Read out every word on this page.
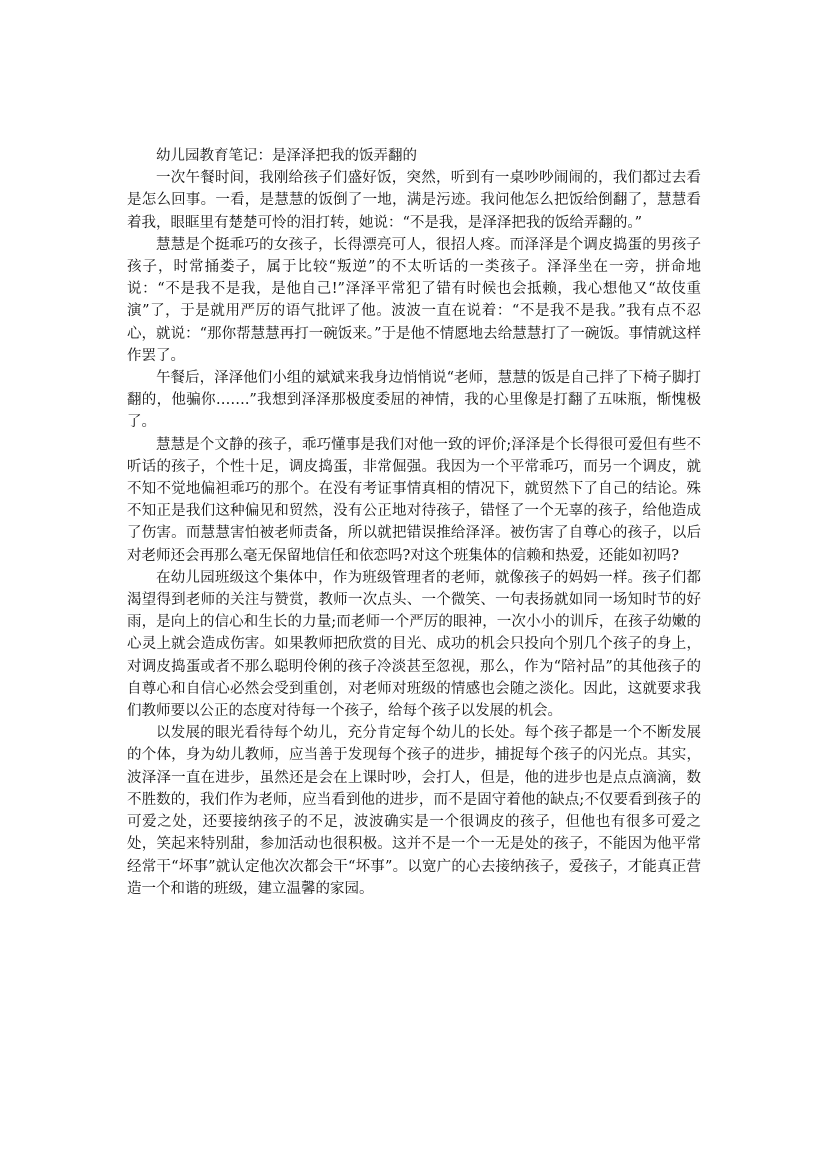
幼儿园教育笔记：是泽泽把我的饭弄翻的

一次午餐时间，我刚给孩子们盛好饭，突然，听到有一桌吵吵闹闹的，我们都过去看是怎么回事。一看，是慧慧的饭倒了一地，满是污迹。我问他怎么把饭给倒翻了，慧慧看着我，眼眶里有楚楚可怜的泪打转，她说：“不是我，是泽泽把我的饭给弄翻的。”

慧慧是个挺乖巧的女孩子，长得漂亮可人，很招人疼。而泽泽是个调皮捣蛋的男孩子孩子，时常捅娄子，属于比较“叛逆”的不太听话的一类孩子。泽泽坐在一旁，拼命地说：“不是我不是我，是他自己!”泽泽平常犯了错有时候也会抵赖，我心想他又“故伎重演”了，于是就用严厉的语气批评了他。波波一直在说着：“不是我不是我。”我有点不忍心，就说：“那你帮慧慧再打一碗饭来。”于是他不情愿地去给慧慧打了一碗饭。事情就这样作罢了。

午餐后，泽泽他们小组的斌斌来我身边悄悄说“老师，慧慧的饭是自己拌了下椅子脚打翻的，他骗你…….”我想到泽泽那极度委屈的神情，我的心里像是打翻了五味瓶，惭愧极了。

慧慧是个文静的孩子，乖巧懂事是我们对他一致的评价;泽泽是个长得很可爱但有些不听话的孩子，个性十足，调皮捣蛋，非常倔强。我因为一个平常乖巧，而另一个调皮，就不知不觉地偏袒乖巧的那个。在没有考证事情真相的情况下，就贸然下了自己的结论。殊不知正是我们这种偏见和贸然，没有公正地对待孩子，错怪了一个无辜的孩子，给他造成了伤害。而慧慧害怕被老师责备，所以就把错误推给泽泽。被伤害了自尊心的孩子，以后对老师还会再那么毫无保留地信任和依恋吗?对这个班集体的信赖和热爱，还能如初吗?

在幼儿园班级这个集体中，作为班级管理者的老师，就像孩子的妈妈一样。孩子们都渴望得到老师的关注与赞赏，教师一次点头、一个微笑、一句表扬就如同一场知时节的好雨，是向上的信心和生长的力量;而老师一个严厉的眼神，一次小小的训斥，在孩子幼嫩的心灵上就会造成伤害。如果教师把欣赏的目光、成功的机会只投向个别几个孩子的身上，对调皮捣蛋或者不那么聪明伶俐的孩子冷淡甚至忽视，那么，作为“陪衬品”的其他孩子的自尊心和自信心必然会受到重创，对老师对班级的情感也会随之淡化。因此，这就要求我们教师要以公正的态度对待每一个孩子，给每个孩子以发展的机会。

以发展的眼光看待每个幼儿，充分肯定每个幼儿的长处。每个孩子都是一个不断发展的个体，身为幼儿教师，应当善于发现每个孩子的进步，捕捉每个孩子的闪光点。其实，波泽泽一直在进步，虽然还是会在上课时吵，会打人，但是，他的进步也是点点滴滴，数不胜数的，我们作为老师，应当看到他的进步，而不是固守着他的缺点;不仅要看到孩子的可爱之处，还要接纳孩子的不足，波波确实是一个很调皮的孩子，但他也有很多可爱之处，笑起来特别甜，参加活动也很积极。这并不是一个一无是处的孩子，不能因为他平常经常干“坏事”就认定他次次都会干“坏事”。以宽广的心去接纳孩子，爱孩子，才能真正营造一个和谐的班级，建立温馨的家园。
